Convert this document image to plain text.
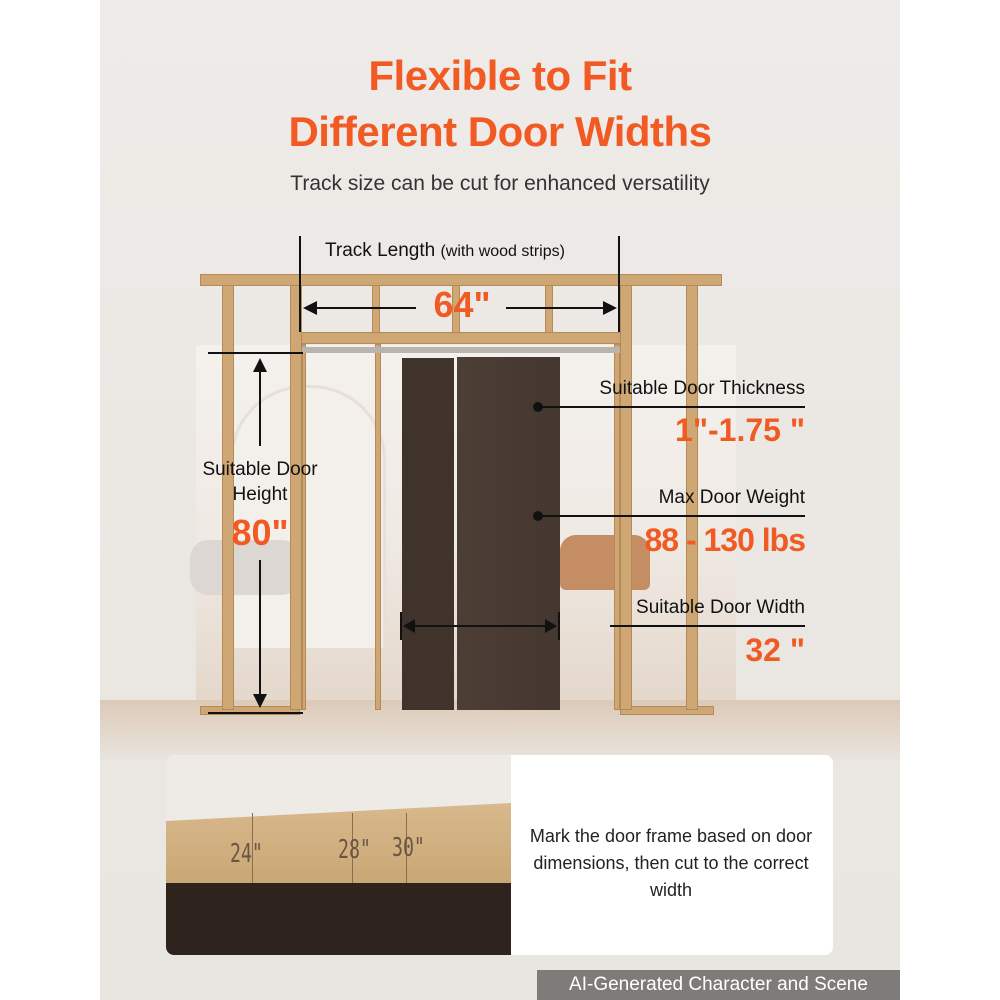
Flexible to Fit
Different Door Widths
Track size can be cut for enhanced versatility
Track Length (with wood strips)
64"
Suitable Door
Height
80"
Suitable Door Thickness
1"-1.75 "
Max Door Weight
88 - 130 lbs
Suitable Door Width
32 "
24"	28" 30"	Mark the door frame based on door dimensions, then cut to the correct width
AI-Generated Character and Scene
